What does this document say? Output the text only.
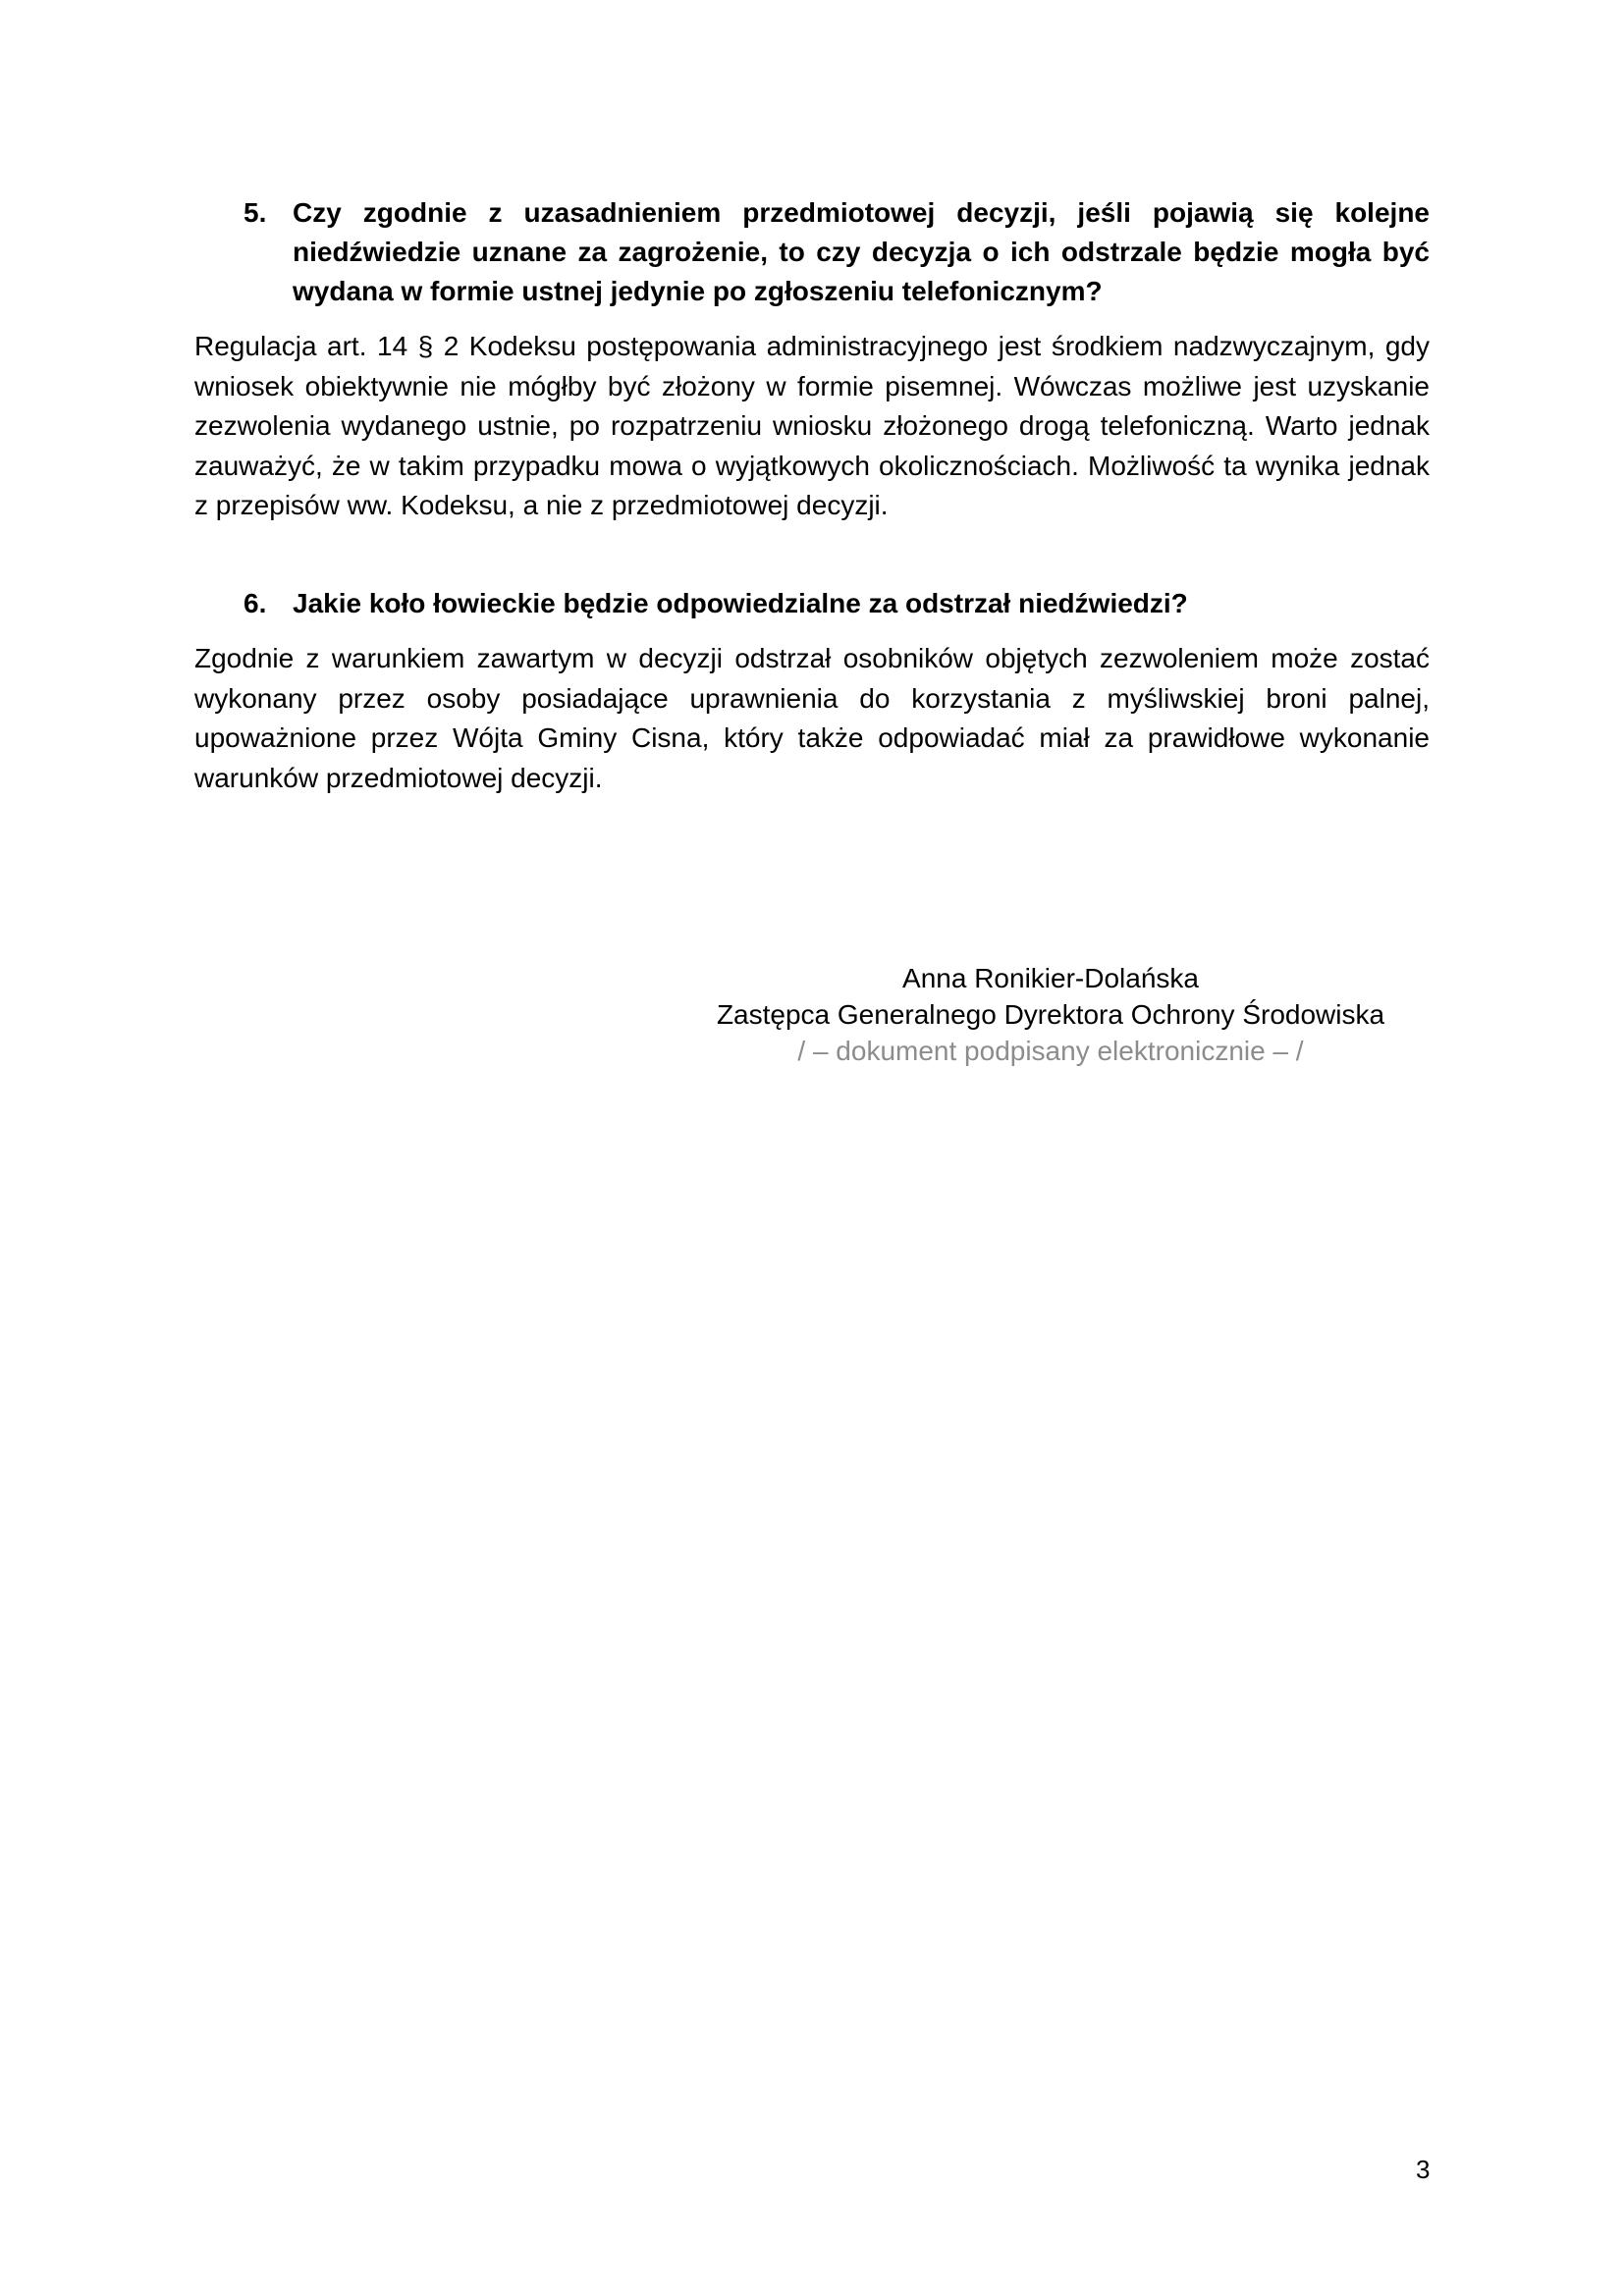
5. Czy zgodnie z uzasadnieniem przedmiotowej decyzji, jeśli pojawią się kolejne niedźwiedzie uznane za zagrożenie, to czy decyzja o ich odstrzale będzie mogła być wydana w formie ustnej jedynie po zgłoszeniu telefonicznym?
Regulacja art. 14 § 2 Kodeksu postępowania administracyjnego jest środkiem nadzwyczajnym, gdy wniosek obiektywnie nie mógłby być złożony w formie pisemnej. Wówczas możliwe jest uzyskanie zezwolenia wydanego ustnie, po rozpatrzeniu wniosku złożonego drogą telefoniczną. Warto jednak zauważyć, że w takim przypadku mowa o wyjątkowych okolicznościach. Możliwość ta wynika jednak z przepisów ww. Kodeksu, a nie z przedmiotowej decyzji.
6. Jakie koło łowieckie będzie odpowiedzialne za odstrzał niedźwiedzi?
Zgodnie z warunkiem zawartym w decyzji odstrzał osobników objętych zezwoleniem może zostać wykonany przez osoby posiadające uprawnienia do korzystania z myśliwskiej broni palnej, upoważnione przez Wójta Gminy Cisna, który także odpowiadać miał za prawidłowe wykonanie warunków przedmiotowej decyzji.
Anna Ronikier-Dolańska
Zastępca Generalnego Dyrektora Ochrony Środowiska
/ – dokument podpisany elektronicznie – /
3
